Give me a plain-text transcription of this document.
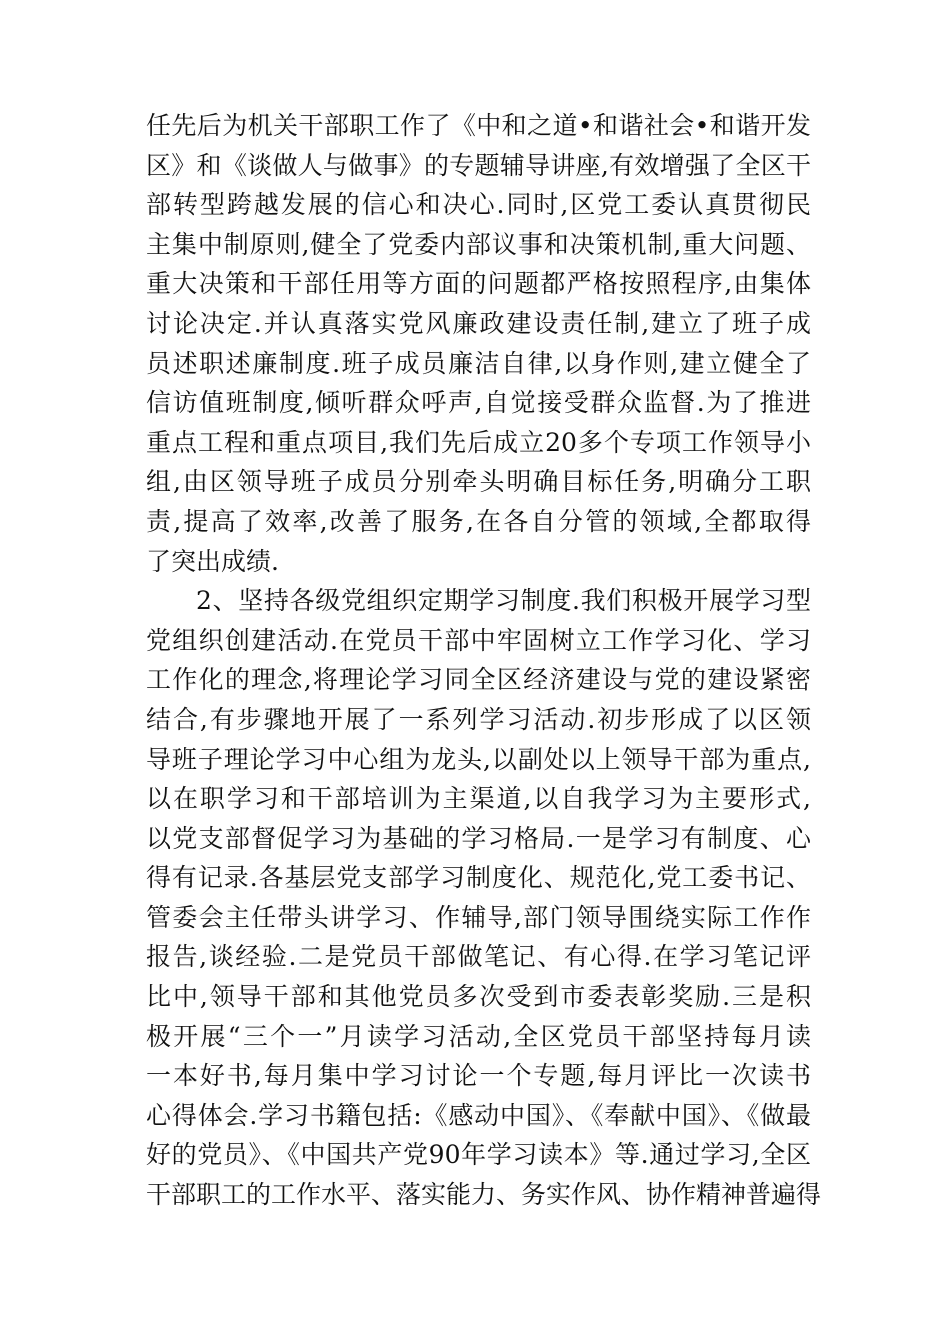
任先后为机关干部职工作了《中和之道•和谐社会•和谐开发
区》和《谈做人与做事》的专题辅导讲座,有效增强了全区干
部转型跨越发展的信心和决心.同时,区党工委认真贯彻民
主集中制原则,健全了党委内部议事和决策机制,重大问题、
重大决策和干部任用等方面的问题都严格按照程序,由集体
讨论决定.并认真落实党风廉政建设责任制,建立了班子成
员述职述廉制度.班子成员廉洁自律,以身作则,建立健全了
信访值班制度,倾听群众呼声,自觉接受群众监督.为了推进
重点工程和重点项目,我们先后成立20多个专项工作领导小
组,由区领导班子成员分别牵头明确目标任务,明确分工职
责,提高了效率,改善了服务,在各自分管的领域,全都取得
了突出成绩.
2、坚持各级党组织定期学习制度.我们积极开展学习型
党组织创建活动.在党员干部中牢固树立工作学习化、学习
工作化的理念,将理论学习同全区经济建设与党的建设紧密
结合,有步骤地开展了一系列学习活动.初步形成了以区领
导班子理论学习中心组为龙头,以副处以上领导干部为重点,
以在职学习和干部培训为主渠道,以自我学习为主要形式,
以党支部督促学习为基础的学习格局.一是学习有制度、心
得有记录.各基层党支部学习制度化、规范化,党工委书记、
管委会主任带头讲学习、作辅导,部门领导围绕实际工作作
报告,谈经验.二是党员干部做笔记、有心得.在学习笔记评
比中,领导干部和其他党员多次受到市委表彰奖励.三是积
极开展“三个一”月读学习活动,全区党员干部坚持每月读
一本好书,每月集中学习讨论一个专题,每月评比一次读书
心得体会.学习书籍包括:《感动中国》、《奉献中国》、《做最
好的党员》、《中国共产党90年学习读本》等.通过学习,全区
干部职工的工作水平、落实能力、务实作风、协作精神普遍得
